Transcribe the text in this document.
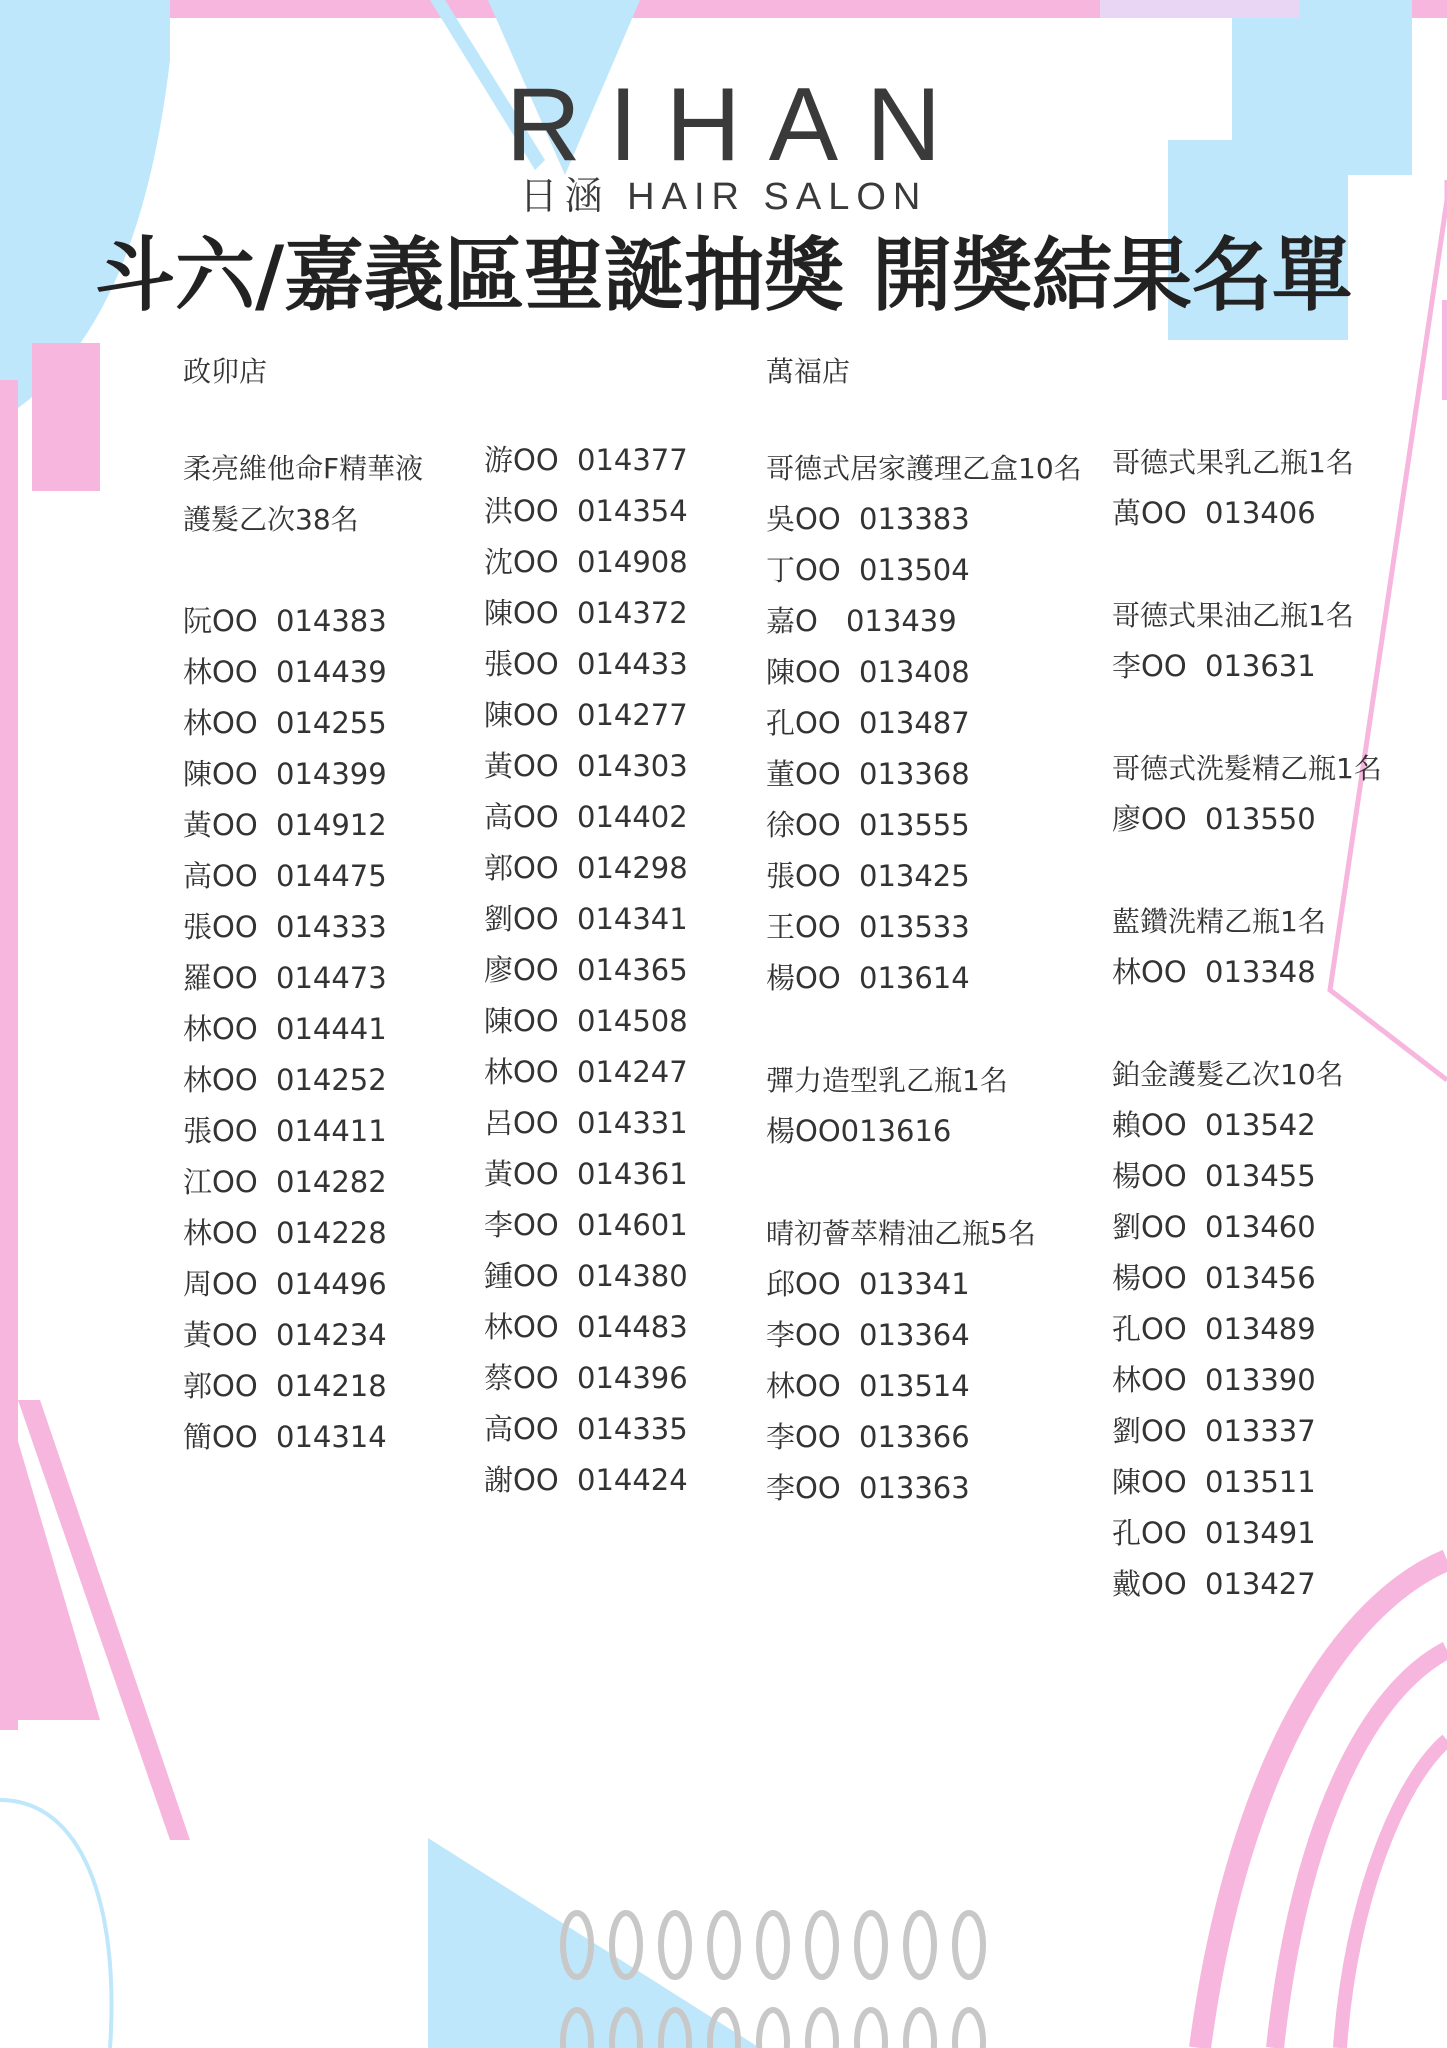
RIHAN
日涵 HAIR SALON
斗六/嘉義區聖誕抽獎 開獎結果名單
政卯店	萬福店
柔亮維他命F精華液
護髮乙次38名
阮OO 014383
林OO 014439
林OO 014255
陳OO 014399
黃OO 014912
高OO 014475
張OO 014333
羅OO 014473
林OO 014441
林OO 014252
張OO 014411
江OO 014282
林OO 014228
周OO 014496
黃OO 014234
郭OO 014218
簡OO 014314
游OO 014377
洪OO 014354
沈OO 014908
陳OO 014372
張OO 014433
陳OO 014277
黃OO 014303
高OO 014402
郭OO 014298
劉OO 014341
廖OO 014365
陳OO 014508
林OO 014247
呂OO 014331
黃OO 014361
李OO 014601
鍾OO 014380
林OO 014483
蔡OO 014396
高OO 014335
謝OO 014424
哥德式居家護理乙盒10名
吳OO 013383
丁OO 013504
嘉O 013439
陳OO 013408
孔OO 013487
董OO 013368
徐OO 013555
張OO 013425
王OO 013533
楊OO 013614
彈力造型乳乙瓶1名
楊OO013616
晴初薈萃精油乙瓶5名
邱OO 013341
李OO 013364
林OO 013514
李OO 013366
李OO 013363
哥德式果乳乙瓶1名
萬OO 013406
哥德式果油乙瓶1名
李OO 013631
哥德式洗髮精乙瓶1名
廖OO 013550
藍鑽洗精乙瓶1名
林OO 013348
鉑金護髮乙次10名
賴OO 013542
楊OO 013455
劉OO 013460
楊OO 013456
孔OO 013489
林OO 013390
劉OO 013337
陳OO 013511
孔OO 013491
戴OO 013427
